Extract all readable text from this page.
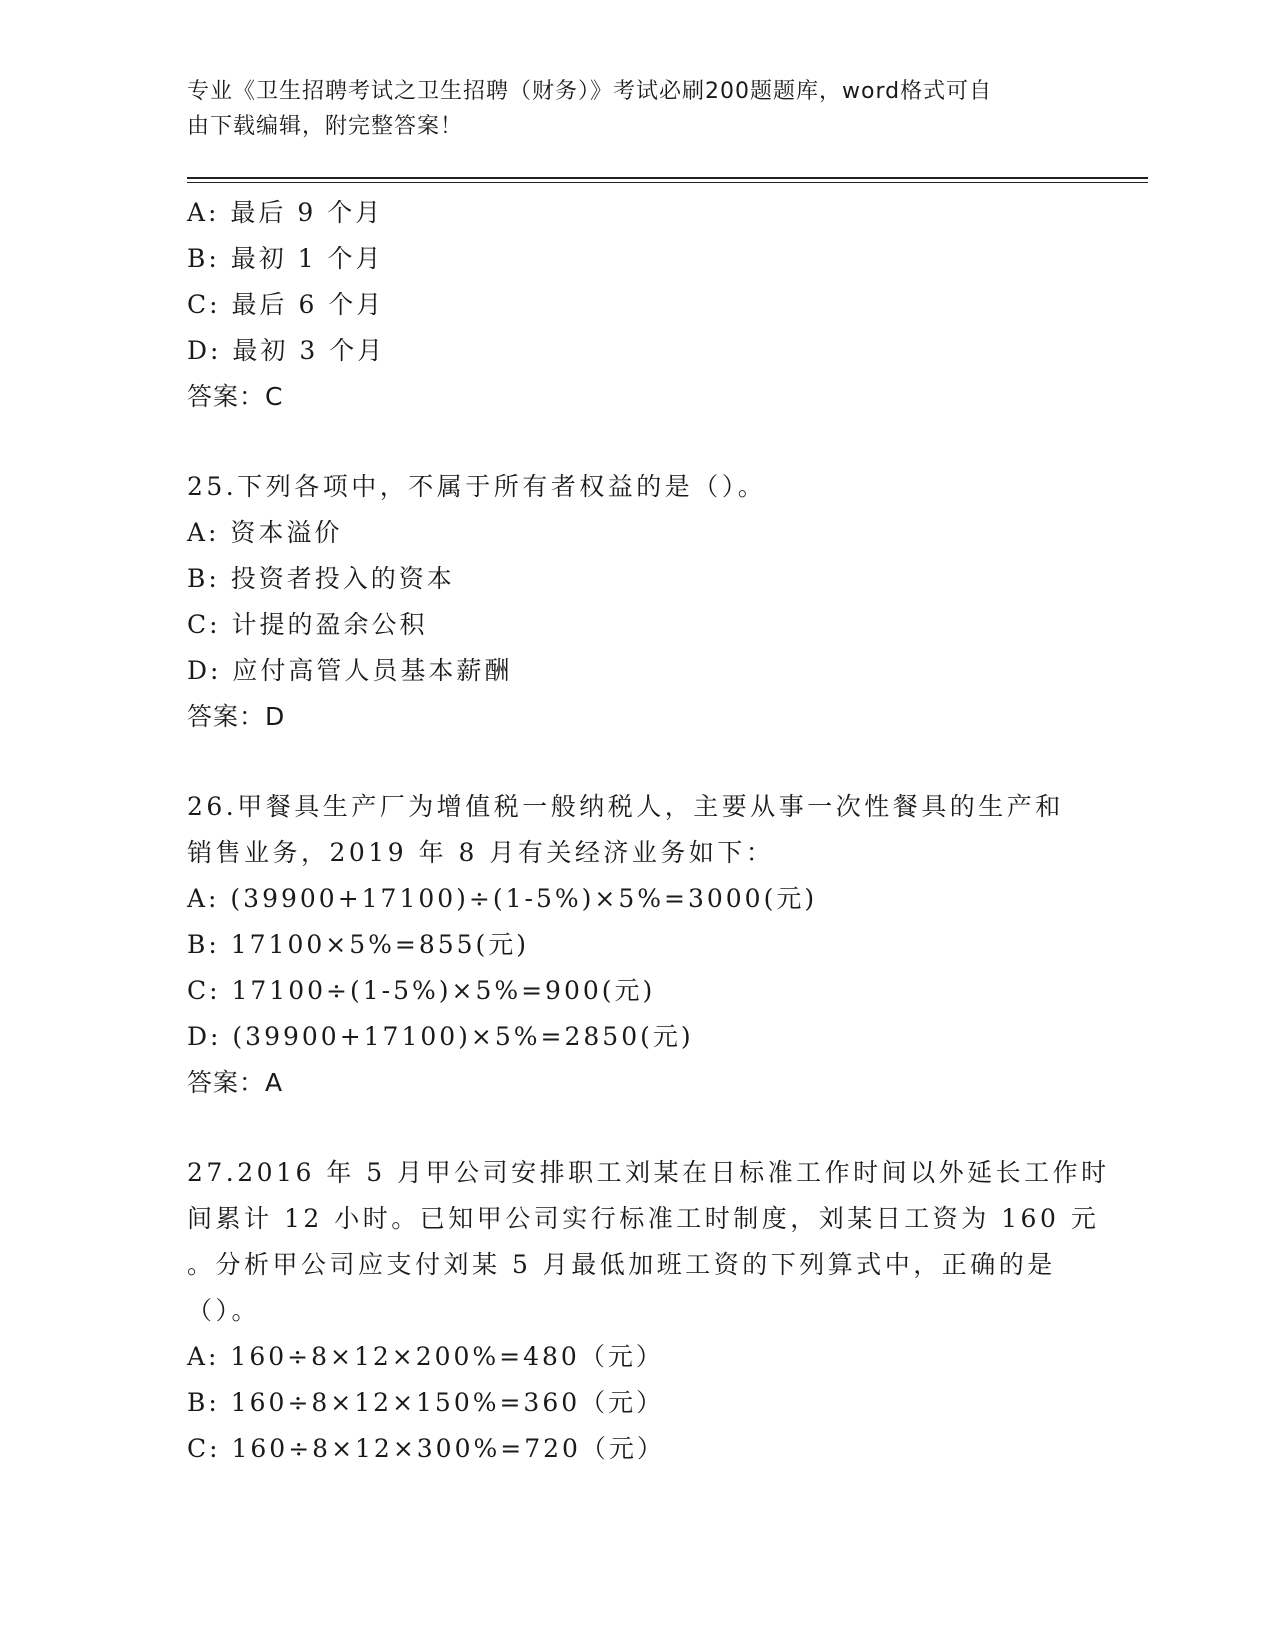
专业《卫生招聘考试之卫生招聘（财务）》考试必刷200题题库，word格式可自
由下载编辑，附完整答案！
A: 最后 9 个月
B: 最初 1 个月
C: 最后 6 个月
D: 最初 3 个月
答案：C
25.下列各项中，不属于所有者权益的是（）。
A: 资本溢价
B: 投资者投入的资本
C: 计提的盈余公积
D: 应付高管人员基本薪酬
答案：D
26.甲餐具生产厂为增值税一般纳税人，主要从事一次性餐具的生产和
销售业务，2019 年 8 月有关经济业务如下：
A: (39900+17100)÷(1-5%)×5%=3000(元)
B: 17100×5%=855(元)
C: 17100÷(1-5%)×5%=900(元)
D: (39900+17100)×5%=2850(元)
答案：A
27.2016 年 5 月甲公司安排职工刘某在日标准工作时间以外延长工作时
间累计 12 小时。已知甲公司实行标准工时制度，刘某日工资为 160 元
。分析甲公司应支付刘某 5 月最低加班工资的下列算式中，正确的是
（）。
A: 160÷8×12×200%=480（元）
B: 160÷8×12×150%=360（元）
C: 160÷8×12×300%=720（元）
